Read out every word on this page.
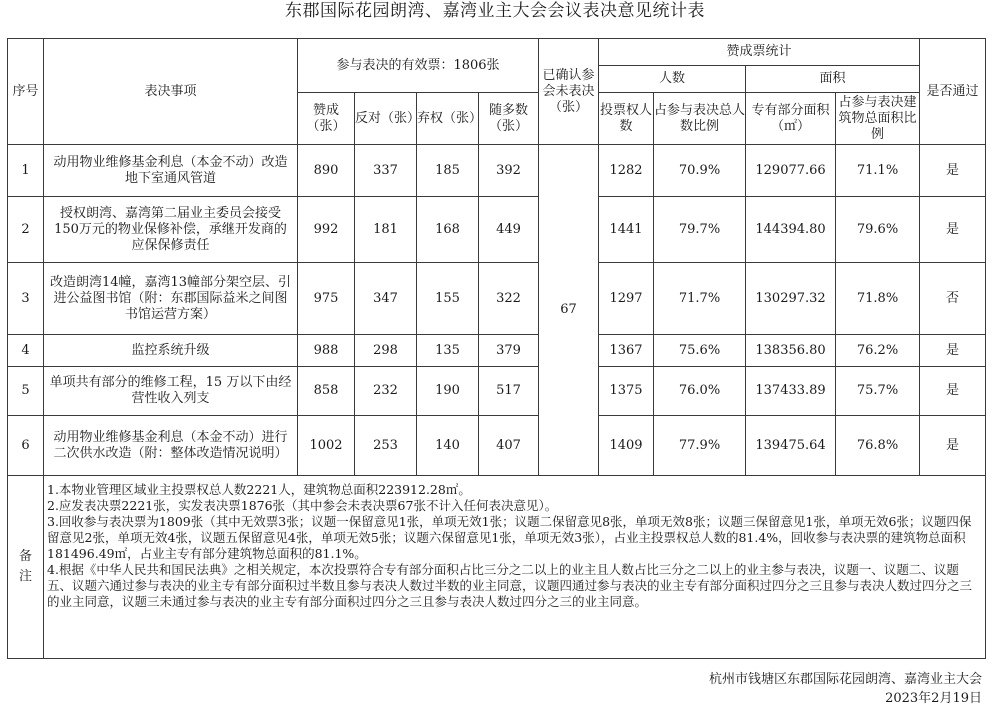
东郡国际花园朗湾、嘉湾业主大会会议表决意见统计表
序号	表决事项	参与表决的有效票：1806张				已确认参会未表决（张）	赞成票统计				是否通过
							人数		面积		
		赞成（张）	反对（张）	弃权（张）	随多数（张）		投票权人数	占参与表决总人数比例	专有部分面积（㎡）	占参与表决建筑物总面积比例	
1	动用物业维修基金利息（本金不动）改造地下室通风管道	890	337	185	392	67	1282	70.9%	129077.66	71.1%	是
2	授权朗湾、嘉湾第二届业主委员会接受150万元的物业保修补偿，承继开发商的应保保修责任	992	181	168	449		1441	79.7%	144394.80	79.6%	是
3	改造朗湾14幢，嘉湾13幢部分架空层、引进公益图书馆（附：东郡国际益米之间图书馆运营方案）	975	347	155	322		1297	71.7%	130297.32	71.8%	否
4	监控系统升级	988	298	135	379		1367	75.6%	138356.80	76.2%	是
5	单项共有部分的维修工程，15 万以下由经营性收入列支	858	232	190	517		1375	76.0%	137433.89	75.7%	是
6	动用物业维修基金利息（本金不动）进行二次供水改造（附：整体改造情况说明）	1002	253	140	407		1409	77.9%	139475.64	76.8%	是
备注	1.本物业管理区域业主投票权总人数2221人，建筑物总面积223912.28㎡。

2.应发表决票2221张，实发表决票1876张（其中参会未表决票67张不计入任何表决意见）。

3.回收参与表决票为1809张（其中无效票3张；议题一保留意见1张，单项无效1张；议题二保留意见8张，单项无效8张；议题三保留意见1张，单项无效6张；议题四保留意见2张，单项无效4张，议题五保留意见4张，单项无效5张；议题六保留意见1张，单项无效3张），占业主投票权总人数的81.4%，回收参与表决票的建筑物总面积181496.49㎡，占业主专有部分建筑物总面积的81.1%。

4.根据《中华人民共和国民法典》之相关规定，本次投票符合专有部分面积占比三分之二以上的业主且人数占比三分之二以上的业主参与表决，议题一、议题二、议题五、议题六通过参与表决的业主专有部分面积过半数且参与表决人数过半数的业主同意，议题四通过参与表决的业主专有部分面积过四分之三且参与表决人数过四分之三的业主同意，议题三未通过参与表决的业主专有部分面积过四分之三且参与表决人数过四分之三的业主同意。										

杭州市钱塘区东郡国际花园朗湾、嘉湾业主大会
2023年2月19日
